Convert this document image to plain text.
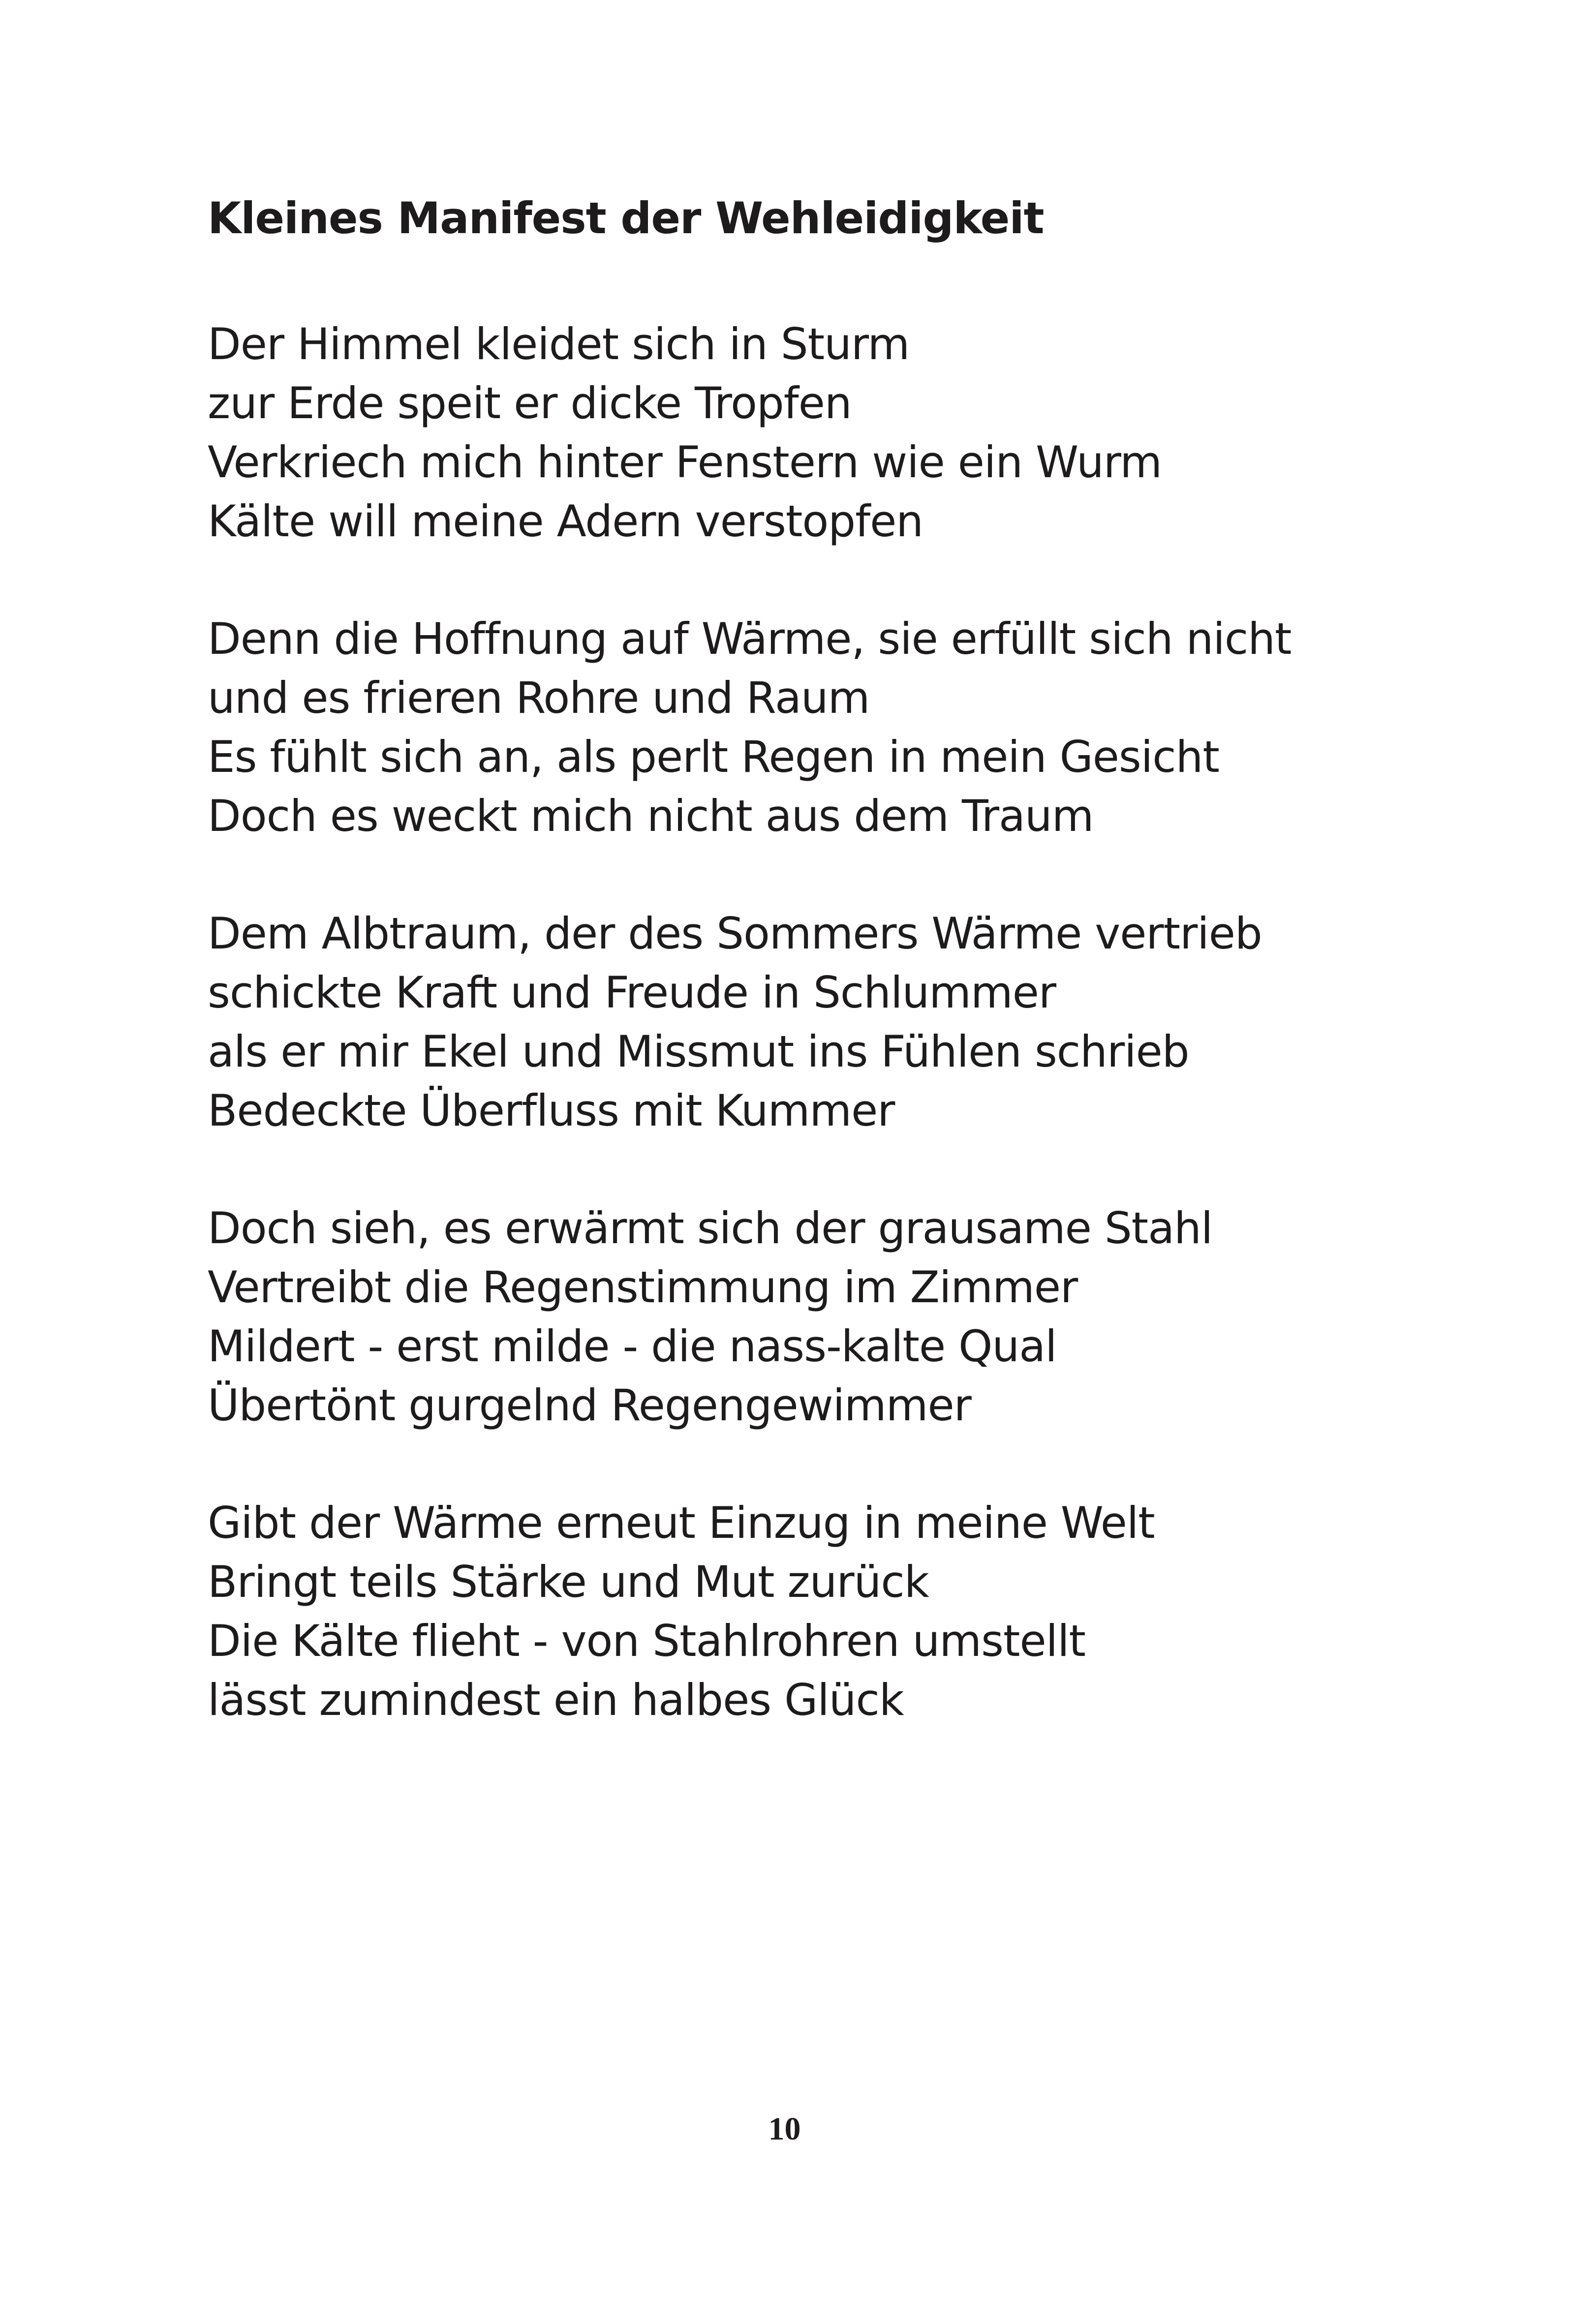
Kleines Manifest der Wehleidigkeit
Der Himmel kleidet sich in Sturm
zur Erde speit er dicke Tropfen
Verkriech mich hinter Fenstern wie ein Wurm
Kälte will meine Adern verstopfen
Denn die Hoffnung auf Wärme, sie erfüllt sich nicht
und es frieren Rohre und Raum
Es fühlt sich an, als perlt Regen in mein Gesicht
Doch es weckt mich nicht aus dem Traum
Dem Albtraum, der des Sommers Wärme vertrieb
schickte Kraft und Freude in Schlummer
als er mir Ekel und Missmut ins Fühlen schrieb
Bedeckte Überfluss mit Kummer
Doch sieh, es erwärmt sich der grausame Stahl
Vertreibt die Regenstimmung im Zimmer
Mildert - erst milde - die nass-kalte Qual
Übertönt gurgelnd Regengewimmer
Gibt der Wärme erneut Einzug in meine Welt
Bringt teils Stärke und Mut zurück
Die Kälte flieht - von Stahlrohren umstellt
lässt zumindest ein halbes Glück
10
